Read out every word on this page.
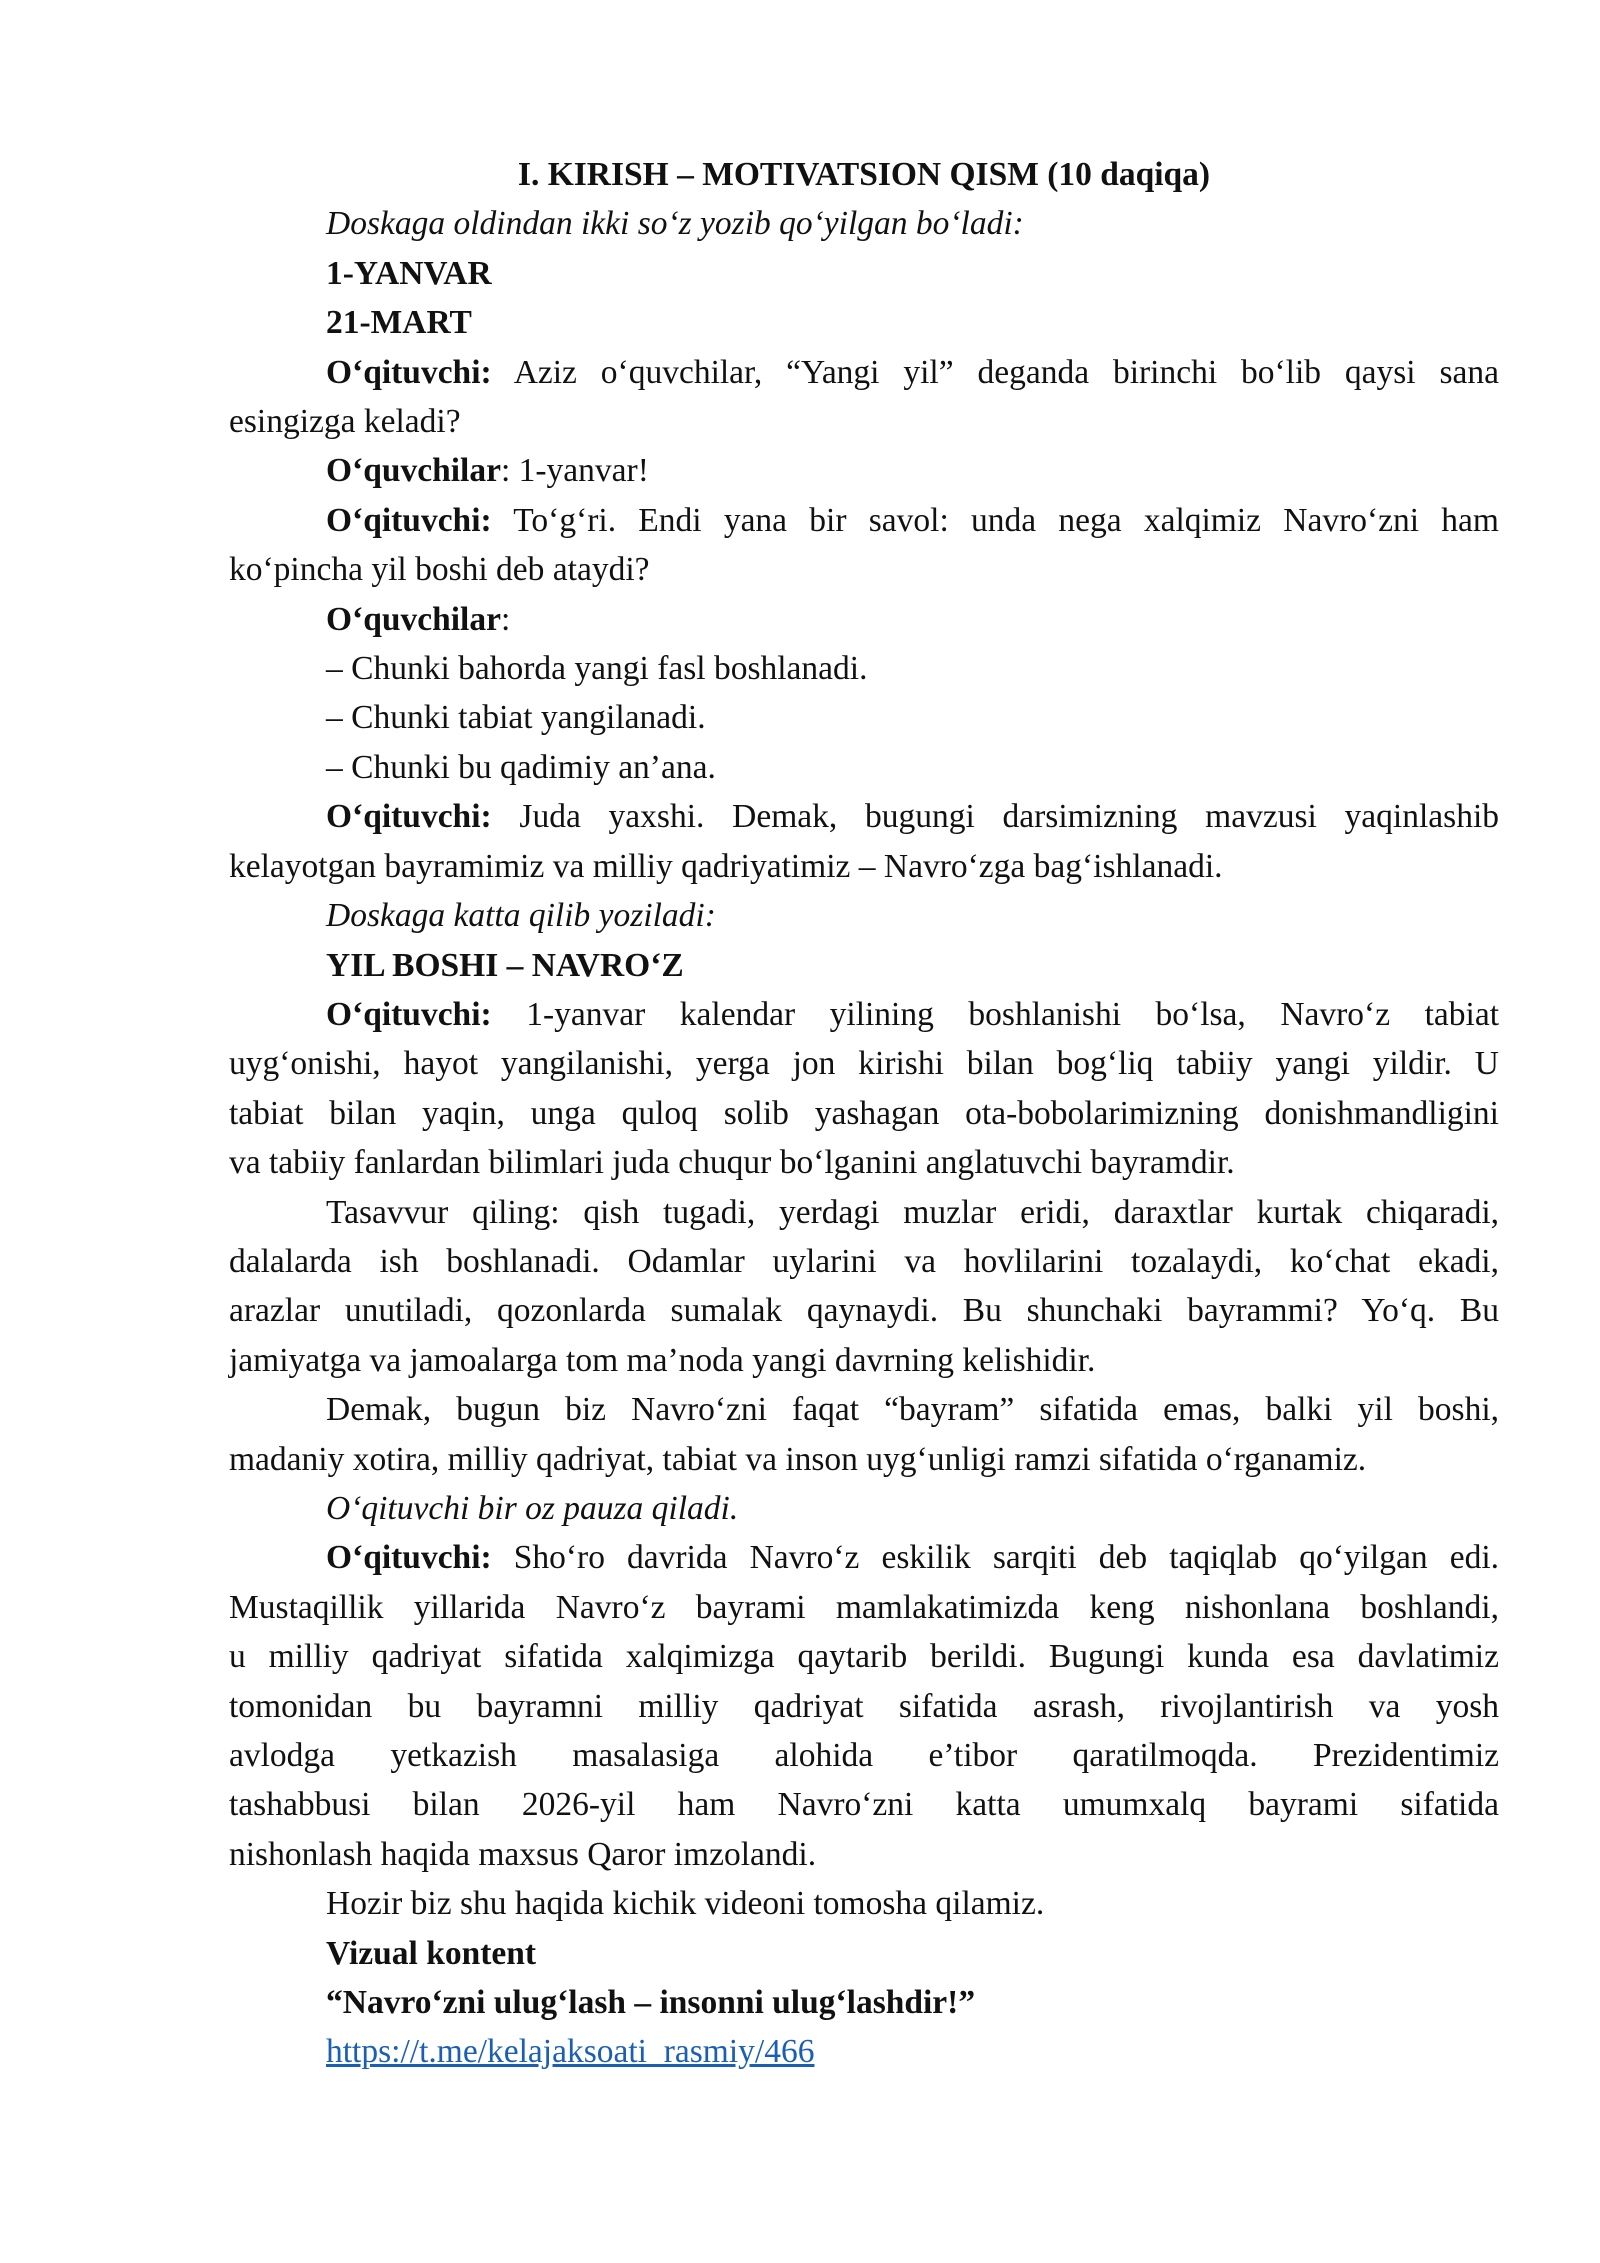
I. KIRISH – MOTIVATSION QISM (10 daqiqa)

Doskaga oldindan ikki so‘z yozib qo‘yilgan bo‘ladi:

1-YANVAR

21-MART

O‘qituvchi: Aziz o‘quvchilar, “Yangi yil” deganda birinchi bo‘lib qaysi sana

esingizga keladi?

O‘quvchilar: 1-yanvar!

O‘qituvchi: To‘g‘ri. Endi yana bir savol: unda nega xalqimiz Navro‘zni ham

ko‘pincha yil boshi deb ataydi?

O‘quvchilar:

– Chunki bahorda yangi fasl boshlanadi.

– Chunki tabiat yangilanadi.

– Chunki bu qadimiy an’ana.

O‘qituvchi: Juda yaxshi. Demak, bugungi darsimizning mavzusi yaqinlashib

kelayotgan bayramimiz va milliy qadriyatimiz – Navro‘zga bag‘ishlanadi.

Doskaga katta qilib yoziladi:

YIL BOSHI – NAVRO‘Z

O‘qituvchi: 1-yanvar kalendar yilining boshlanishi bo‘lsa, Navro‘z tabiat

uyg‘onishi, hayot yangilanishi, yerga jon kirishi bilan bog‘liq tabiiy yangi yildir. U

tabiat bilan yaqin, unga quloq solib yashagan ota-bobolarimizning donishmandligini

va tabiiy fanlardan bilimlari juda chuqur bo‘lganini anglatuvchi bayramdir.

Tasavvur qiling: qish tugadi, yerdagi muzlar eridi, daraxtlar kurtak chiqaradi,

dalalarda ish boshlanadi. Odamlar uylarini va hovlilarini tozalaydi, ko‘chat ekadi,

arazlar unutiladi, qozonlarda sumalak qaynaydi. Bu shunchaki bayrammi? Yo‘q. Bu

jamiyatga va jamoalarga tom ma’noda yangi davrning kelishidir.

Demak, bugun biz Navro‘zni faqat “bayram” sifatida emas, balki yil boshi,

madaniy xotira, milliy qadriyat, tabiat va inson uyg‘unligi ramzi sifatida o‘rganamiz.

O‘qituvchi bir oz pauza qiladi.

O‘qituvchi: Sho‘ro davrida Navro‘z eskilik sarqiti deb taqiqlab qo‘yilgan edi.

Mustaqillik yillarida Navro‘z bayrami mamlakatimizda keng nishonlana boshlandi,

u milliy qadriyat sifatida xalqimizga qaytarib berildi. Bugungi kunda esa davlatimiz

tomonidan bu bayramni milliy qadriyat sifatida asrash, rivojlantirish va yosh

avlodga yetkazish masalasiga alohida e’tibor qaratilmoqda. Prezidentimiz

tashabbusi bilan 2026-yil ham Navro‘zni katta umumxalq bayrami sifatida

nishonlash haqida maxsus Qaror imzolandi.

Hozir biz shu haqida kichik videoni tomosha qilamiz.

Vizual kontent

“Navro‘zni ulug‘lash – insonni ulug‘lashdir!”

https://t.me/kelajaksoati_rasmiy/466
